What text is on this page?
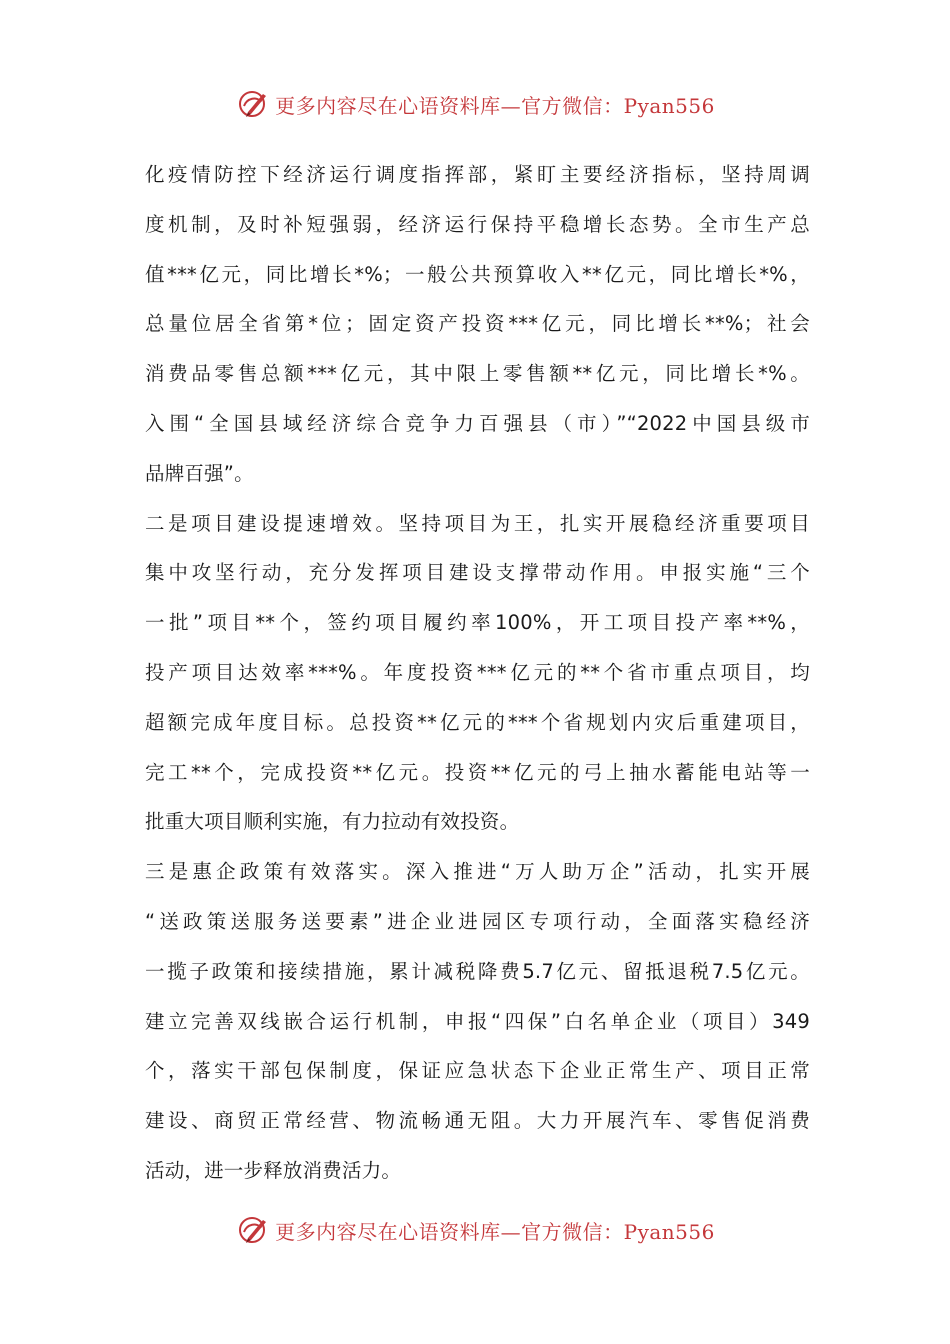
更多内容尽在心语资料库—官方微信：Pyan556
化疫情防控下经济运行调度指挥部，紧盯主要经济指标，坚持周调
度机制，及时补短强弱，经济运行保持平稳增长态势。全市生产总
值***亿元，同比增长*%；一般公共预算收入**亿元，同比增长*%，
总量位居全省第*位；固定资产投资***亿元，同比增长**%；社会
消费品零售总额***亿元，其中限上零售额**亿元，同比增长*%。
入围“全国县域经济综合竞争力百强县（市）”“2022中国县级市
品牌百强”。
二是项目建设提速增效。坚持项目为王，扎实开展稳经济重要项目
集中攻坚行动，充分发挥项目建设支撑带动作用。申报实施“三个
一批”项目**个，签约项目履约率100%，开工项目投产率**%，
投产项目达效率***%。年度投资***亿元的**个省市重点项目，均
超额完成年度目标。总投资**亿元的***个省规划内灾后重建项目，
完工**个，完成投资**亿元。投资**亿元的弓上抽水蓄能电站等一
批重大项目顺利实施，有力拉动有效投资。
三是惠企政策有效落实。深入推进“万人助万企”活动，扎实开展
“送政策送服务送要素”进企业进园区专项行动，全面落实稳经济
一揽子政策和接续措施，累计减税降费5.7亿元、留抵退税7.5亿元。
建立完善双线嵌合运行机制，申报“四保”白名单企业（项目）349
个，落实干部包保制度，保证应急状态下企业正常生产、项目正常
建设、商贸正常经营、物流畅通无阻。大力开展汽车、零售促消费
活动，进一步释放消费活力。
更多内容尽在心语资料库—官方微信：Pyan556
